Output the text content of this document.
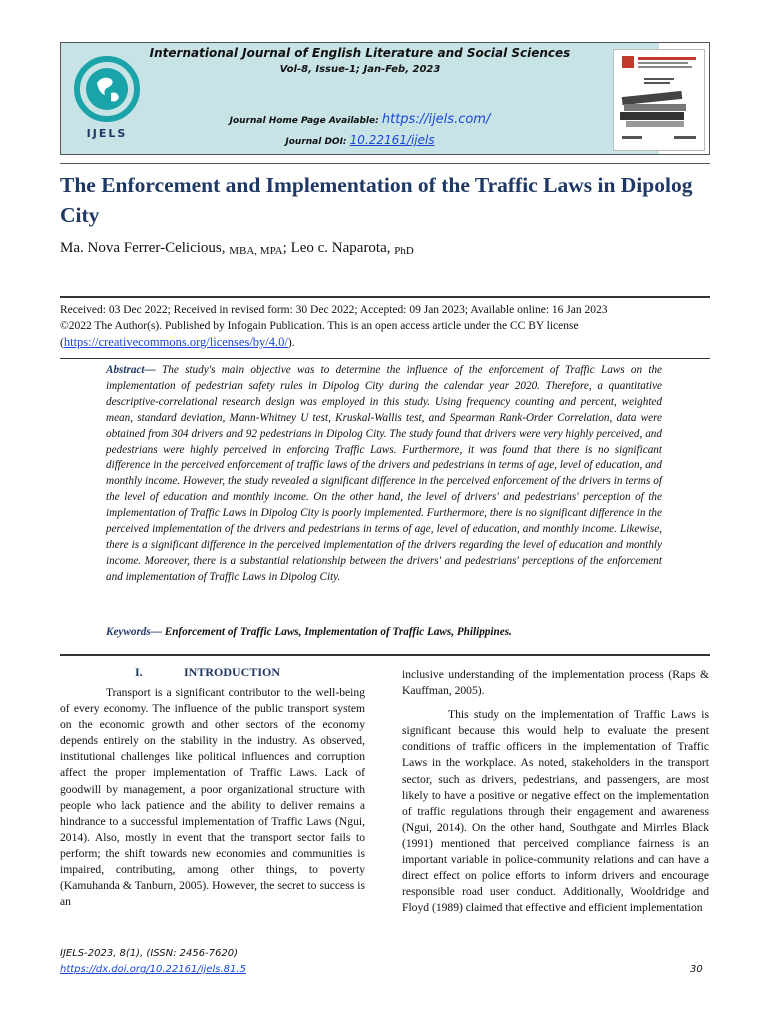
International Journal of English Literature and Social Sciences
Vol-8, Issue-1; Jan-Feb, 2023
Journal Home Page Available: https://ijels.com/
Journal DOI: 10.22161/ijels
IJELS
The Enforcement and Implementation of the Traffic Laws in Dipolog City
Ma. Nova Ferrer-Celicious, $_{MBA, MPA}$; Leo c. Naparota, $_{PhD}$
Received: 03 Dec 2022; Received in revised form: 30 Dec 2022; Accepted: 09 Jan 2023; Available online: 16 Jan 2023
©2022 The Author(s). Published by Infogain Publication. This is an open access article under the CC BY license
(https://creativecommons.org/licenses/by/4.0/).
Abstract— The study's main objective was to determine the influence of the enforcement of Traffic Laws on the implementation of pedestrian safety rules in Dipolog City during the calendar year 2020. Therefore, a quantitative descriptive-correlational research design was employed in this study. Using frequency counting and percent, weighted mean, standard deviation, Mann-Whitney U test, Kruskal-Wallis test, and Spearman Rank-Order Correlation, data were obtained from 304 drivers and 92 pedestrians in Dipolog City. The study found that drivers were very highly perceived, and pedestrians were highly perceived in enforcing Traffic Laws. Furthermore, it was found that there is no significant difference in the perceived enforcement of traffic laws of the drivers and pedestrians in terms of age, level of education, and monthly income. However, the study revealed a significant difference in the perceived enforcement of the drivers in terms of the level of education and monthly income. On the other hand, the level of drivers' and pedestrians' perception of the implementation of Traffic Laws in Dipolog City is poorly implemented. Furthermore, there is no significant difference in the perceived implementation of the drivers and pedestrians in terms of age, level of education, and monthly income. Likewise, there is a significant difference in the perceived implementation of the drivers regarding the level of education and monthly income. Moreover, there is a substantial relationship between the drivers' and pedestrians' perceptions of the enforcement and implementation of Traffic Laws in Dipolog City.
Keywords— Enforcement of Traffic Laws, Implementation of Traffic Laws, Philippines.
I.	INTRODUCTION

Transport is a significant contributor to the well-being of every economy. The influence of the public transport system on the economic growth and other sectors of the economy depends entirely on the stability in the industry. As observed, institutional challenges like political influences and corruption affect the proper implementation of Traffic Laws. Lack of goodwill by management, a poor organizational structure with people who lack patience and the ability to deliver remains a hindrance to a successful implementation of Traffic Laws (Ngui, 2014). Also, mostly in event that the transport sector fails to perform; the shift towards new economies and communities is impaired, contributing, among other things, to poverty (Kamuhanda & Tanburn, 2005). However, the secret to success is an

inclusive understanding of the implementation process (Raps & Kauffman, 2005).

This study on the implementation of Traffic Laws is significant because this would help to evaluate the present conditions of traffic officers in the implementation of Traffic Laws in the workplace. As noted, stakeholders in the transport sector, such as drivers, pedestrians, and passengers, are most likely to have a positive or negative effect on the implementation of traffic regulations through their engagement and awareness (Ngui, 2014). On the other hand, Southgate and Mirrles Black (1991) mentioned that perceived compliance fairness is an important variable in police-community relations and can have a direct effect on police efforts to inform drivers and encourage responsible road user conduct. Additionally, Wooldridge and Floyd (1989) claimed that effective and efficient implementation

IJELS-2023, 8(1), (ISSN: 2456-7620)
https://dx.doi.org/10.22161/ijels.81.5	30
